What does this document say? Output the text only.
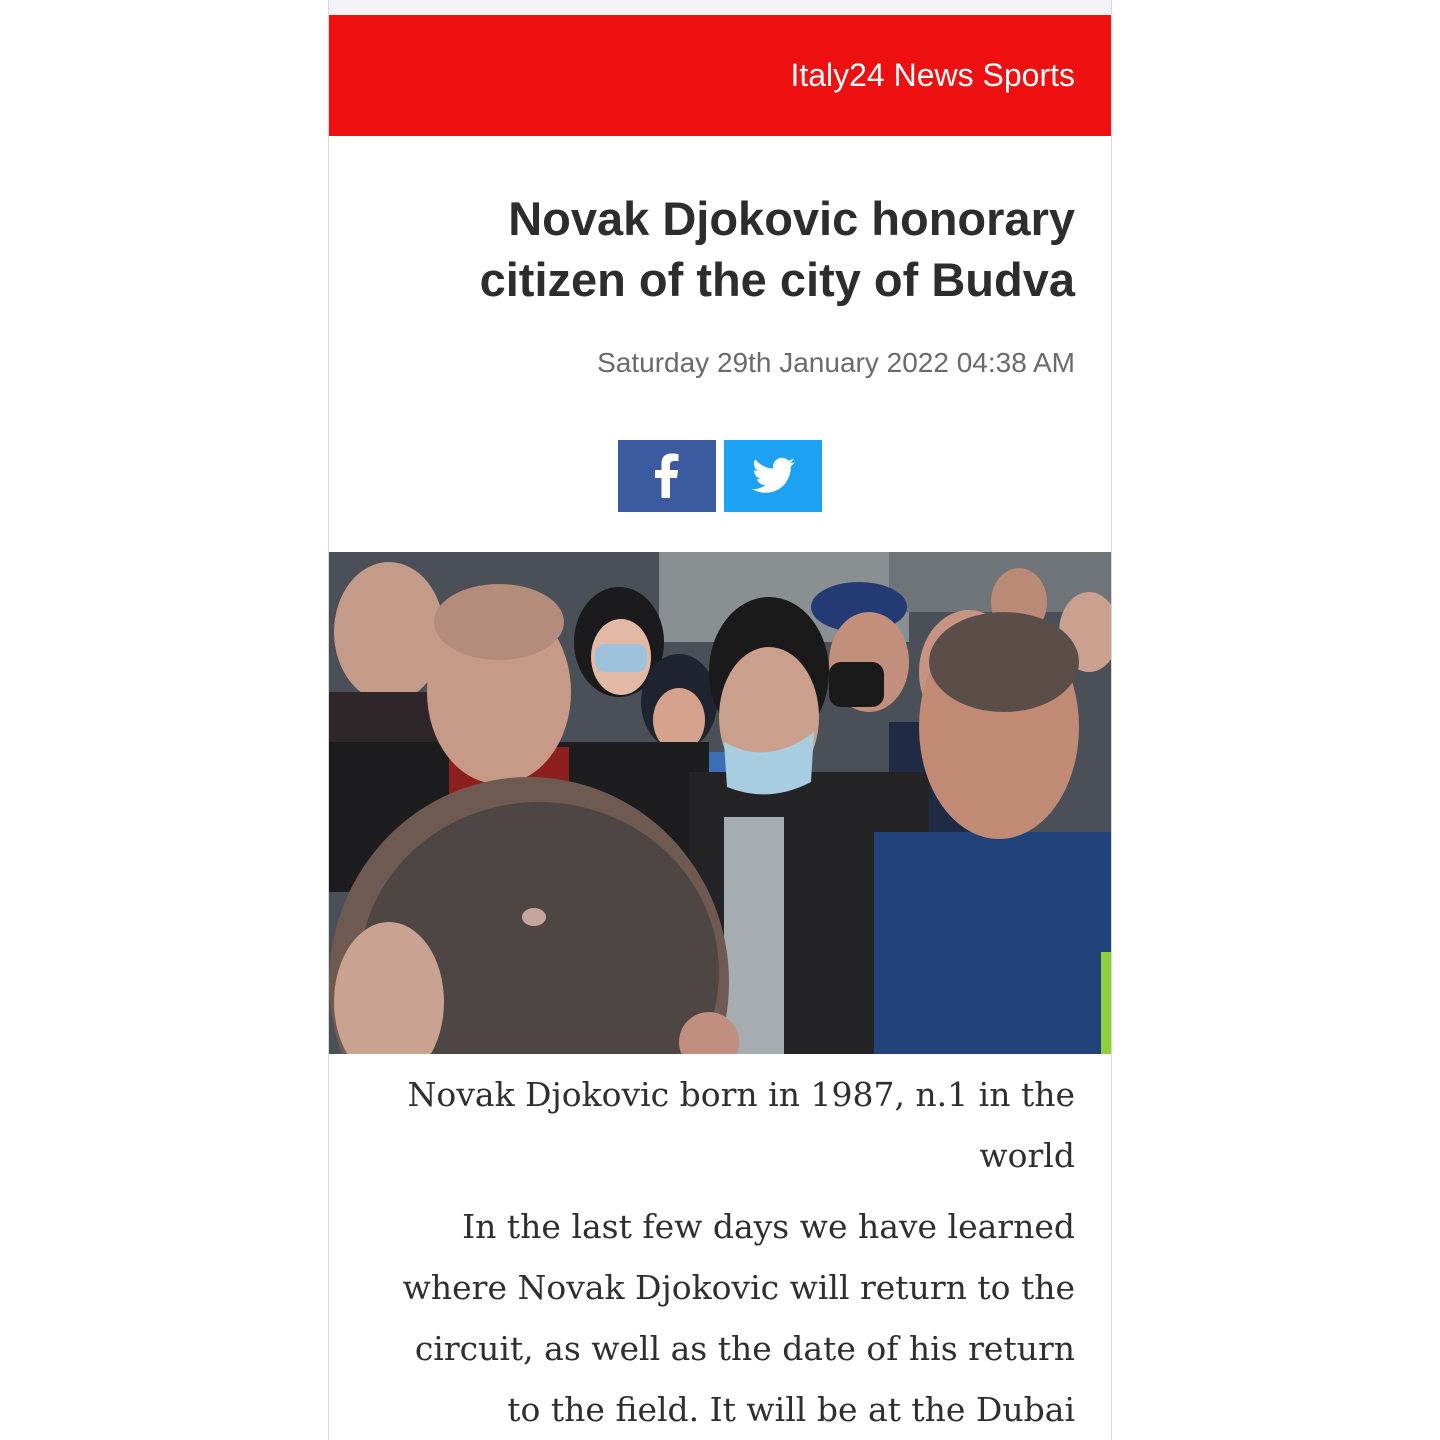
Italy24 News Sports
Novak Djokovic honorary citizen of the city of Budva
Saturday 29th January 2022 04:38 AM

Novak Djokovic born in 1987, n.1 in the world

In the last few days we have learned where Novak Djokovic will return to the circuit, as well as the date of his return to the field. It will be at the Dubai
